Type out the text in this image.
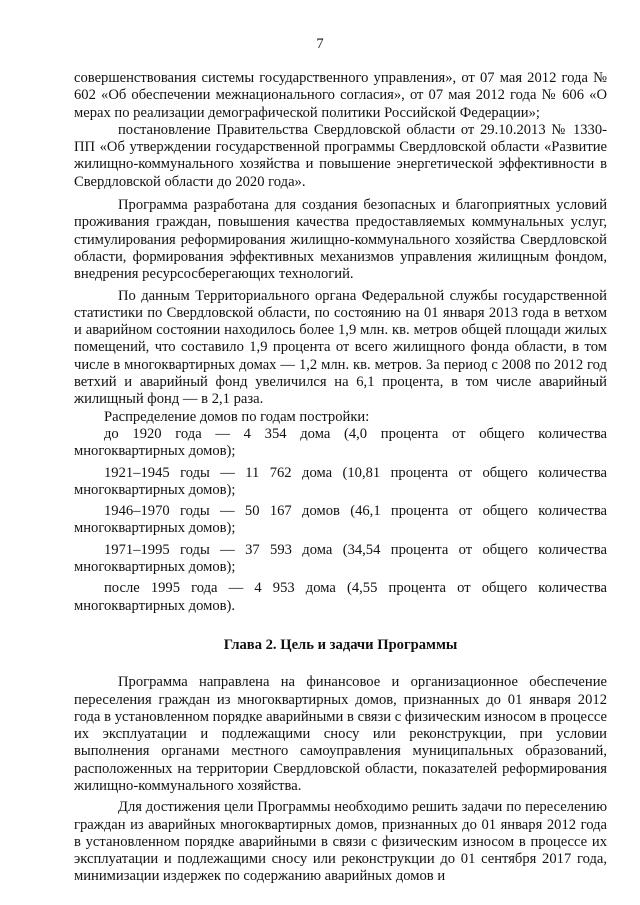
7

совершенствования системы государственного управления», от 07 мая 2012 года № 602 «Об обеспечении межнационального согласия», от 07 мая 2012 года № 606 «О мерах по реализации демографической политики Российской Федерации»;

постановление Правительства Свердловской области от 29.10.2013 № 1330-ПП «Об утверждении государственной программы Свердловской области «Развитие жилищно-коммунального хозяйства и повышение энергетической эффективности в Свердловской области до 2020 года».

Программа разработана для создания безопасных и благоприятных условий проживания граждан, повышения качества предоставляемых коммунальных услуг, стимулирования реформирования жилищно-коммунального хозяйства Свердловской области, формирования эффективных механизмов управления жилищным фондом, внедрения ресурсосберегающих технологий.

По данным Территориального органа Федеральной службы государственной статистики по Свердловской области, по состоянию на 01 января 2013 года в ветхом и аварийном состоянии находилось более 1,9 млн. кв. метров общей площади жилых помещений, что составило 1,9 процента от всего жилищного фонда области, в том числе в многоквартирных домах — 1,2 млн. кв. метров. За период с 2008 по 2012 год ветхий и аварийный фонд увеличился на 6,1 процента, в том числе аварийный жилищный фонд — в 2,1 раза.

Распределение домов по годам постройки:

до 1920 года — 4 354 дома (4,0 процента от общего количества многоквартирных домов);

1921–1945 годы — 11 762 дома (10,81 процента от общего количества многоквартирных домов);

1946–1970 годы — 50 167 домов (46,1 процента от общего количества многоквартирных домов);

1971–1995 годы — 37 593 дома (34,54 процента от общего количества многоквартирных домов);

после 1995 года — 4 953 дома (4,55 процента от общего количества многоквартирных домов).

Глава 2. Цель и задачи Программы

Программа направлена на финансовое и организационное обеспечение переселения граждан из многоквартирных домов, признанных до 01 января 2012 года в установленном порядке аварийными в связи с физическим износом в процессе их эксплуатации и подлежащими сносу или реконструкции, при условии выполнения органами местного самоуправления муниципальных образований, расположенных на территории Свердловской области, показателей реформирования жилищно-коммунального хозяйства.

Для достижения цели Программы необходимо решить задачи по переселению граждан из аварийных многоквартирных домов, признанных до 01 января 2012 года в установленном порядке аварийными в связи с физическим износом в процессе их эксплуатации и подлежащими сносу или реконструкции до 01 сентября 2017 года, минимизации издержек по содержанию аварийных домов и
